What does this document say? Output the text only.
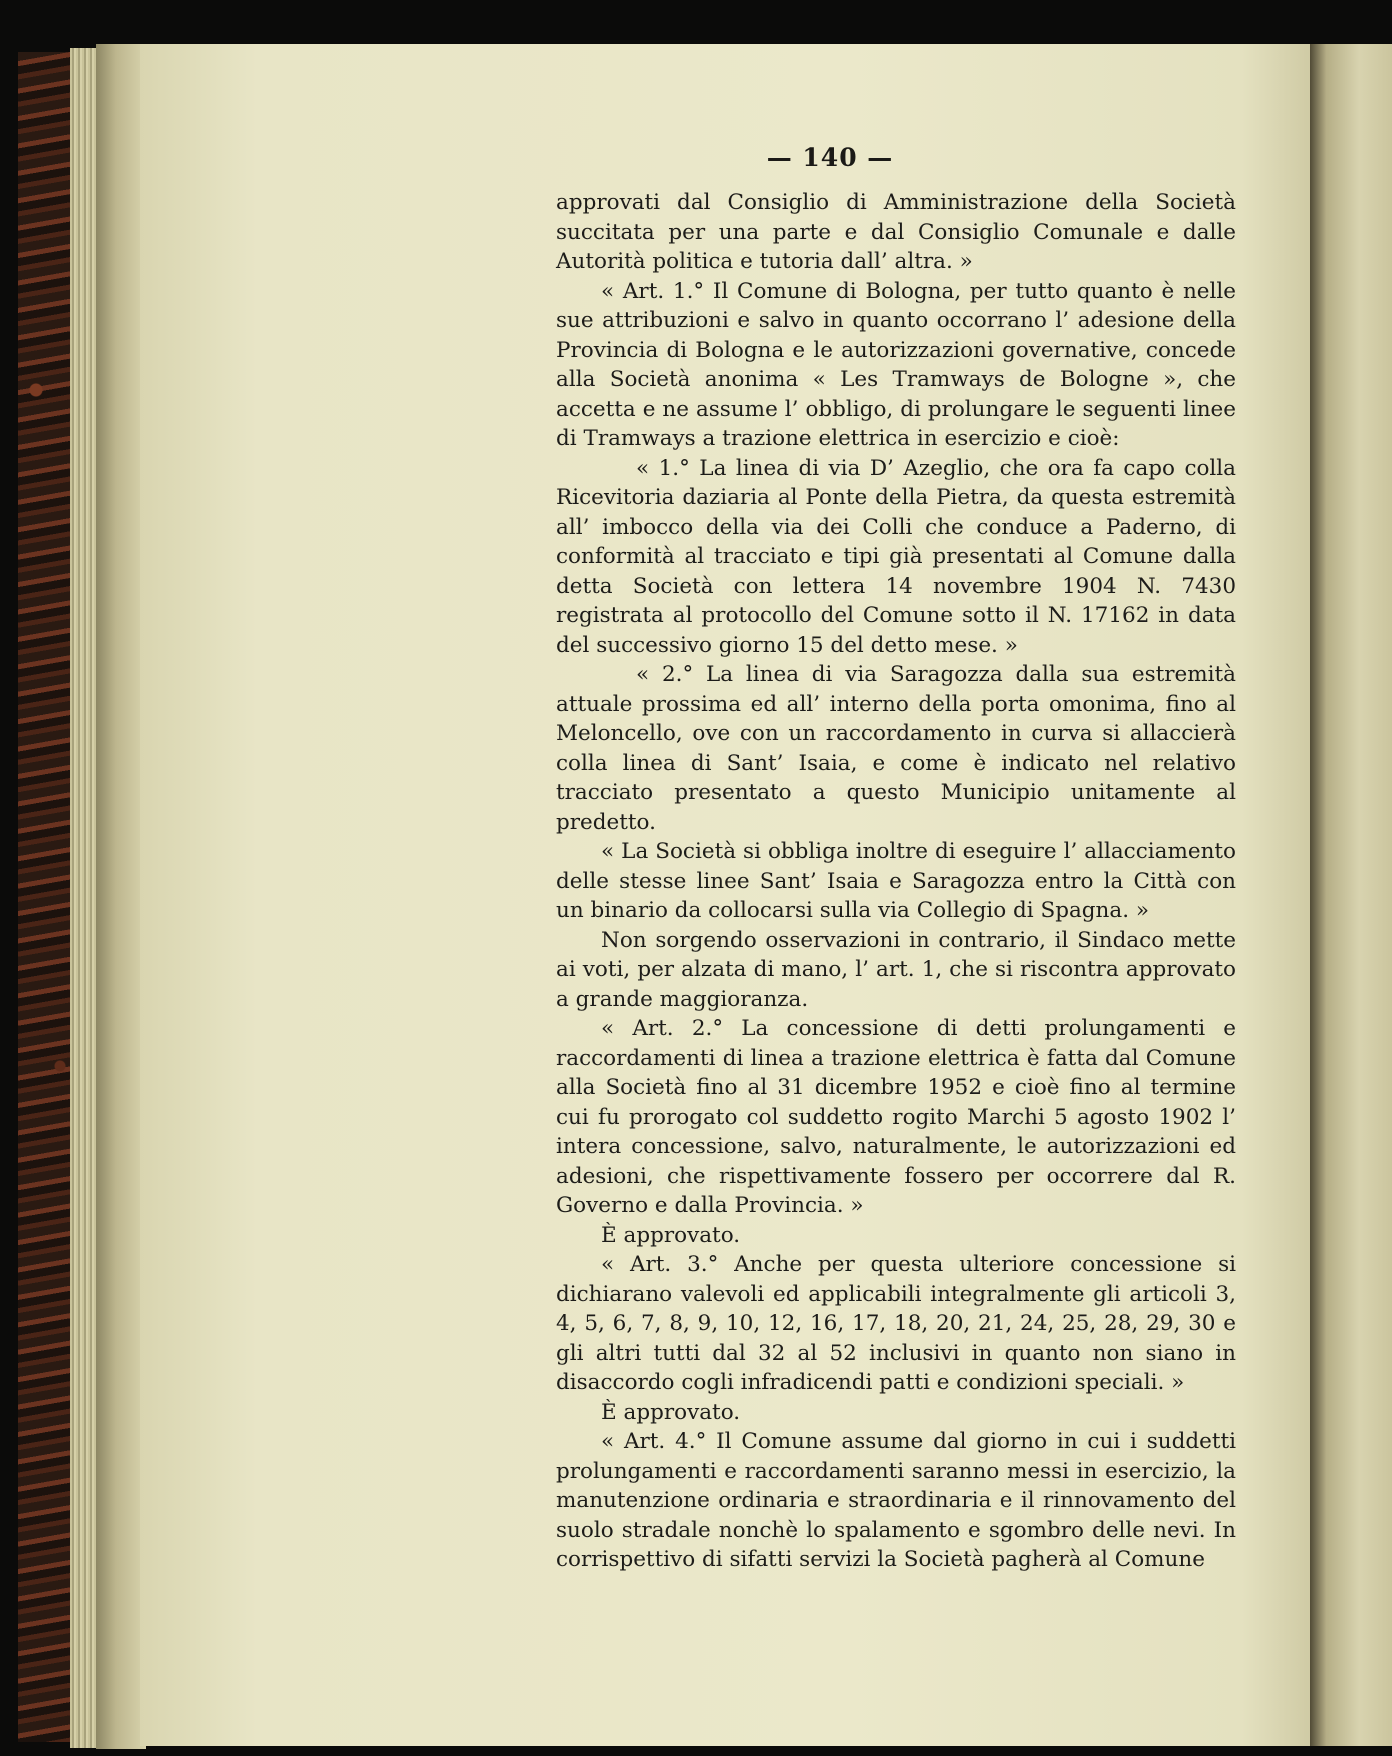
— 140 —

approvati dal Consiglio di Amministrazione della Società succitata per una parte e dal Consiglio Comunale e dalle Autorità politica e tutoria dall’ altra. »

« Art. 1.° Il Comune di Bologna, per tutto quanto è nelle sue attribuzioni e salvo in quanto occorrano l’ adesione della Provincia di Bologna e le autorizzazioni governative, concede alla Società anonima « Les Tramways de Bologne », che accetta e ne assume l’ obbligo, di prolungare le seguenti linee di Tramways a trazione elettrica in esercizio e cioè:

« 1.° La linea di via D’ Azeglio, che ora fa capo colla Ricevitoria daziaria al Ponte della Pietra, da questa estremità all’ imbocco della via dei Colli che conduce a Paderno, di conformità al tracciato e tipi già presentati al Comune dalla detta Società con lettera 14 novembre 1904 N. 7430 registrata al protocollo del Comune sotto il N. 17162 in data del successivo giorno 15 del detto mese. »

« 2.° La linea di via Saragozza dalla sua estremità attuale prossima ed all’ interno della porta omonima, fino al Meloncello, ove con un raccordamento in curva si allaccierà colla linea di Sant’ Isaia, e come è indicato nel relativo tracciato presentato a questo Municipio unitamente al predetto.

« La Società si obbliga inoltre di eseguire l’ allacciamento delle stesse linee Sant’ Isaia e Saragozza entro la Città con un binario da collocarsi sulla via Collegio di Spagna. »

Non sorgendo osservazioni in contrario, il Sindaco mette ai voti, per alzata di mano, l’ art. 1, che si riscontra approvato a grande maggioranza.

« Art. 2.° La concessione di detti prolungamenti e raccordamenti di linea a trazione elettrica è fatta dal Comune alla Società fino al 31 dicembre 1952 e cioè fino al termine cui fu prorogato col suddetto rogito Marchi 5 agosto 1902 l’ intera concessione, salvo, naturalmente, le autorizzazioni ed adesioni, che rispettivamente fossero per occorrere dal R. Governo e dalla Provincia. »

È approvato.

« Art. 3.° Anche per questa ulteriore concessione si dichiarano valevoli ed applicabili integralmente gli articoli 3, 4, 5, 6, 7, 8, 9, 10, 12, 16, 17, 18, 20, 21, 24, 25, 28, 29, 30 e gli altri tutti dal 32 al 52 inclusivi in quanto non siano in disaccordo cogli infradicendi patti e condizioni speciali. »

È approvato.

« Art. 4.° Il Comune assume dal giorno in cui i suddetti prolungamenti e raccordamenti saranno messi in esercizio, la manutenzione ordinaria e straordinaria e il rinnovamento del suolo stradale nonchè lo spalamento e sgombro delle nevi. In corrispettivo di sifatti servizi la Società pagherà al Comune
